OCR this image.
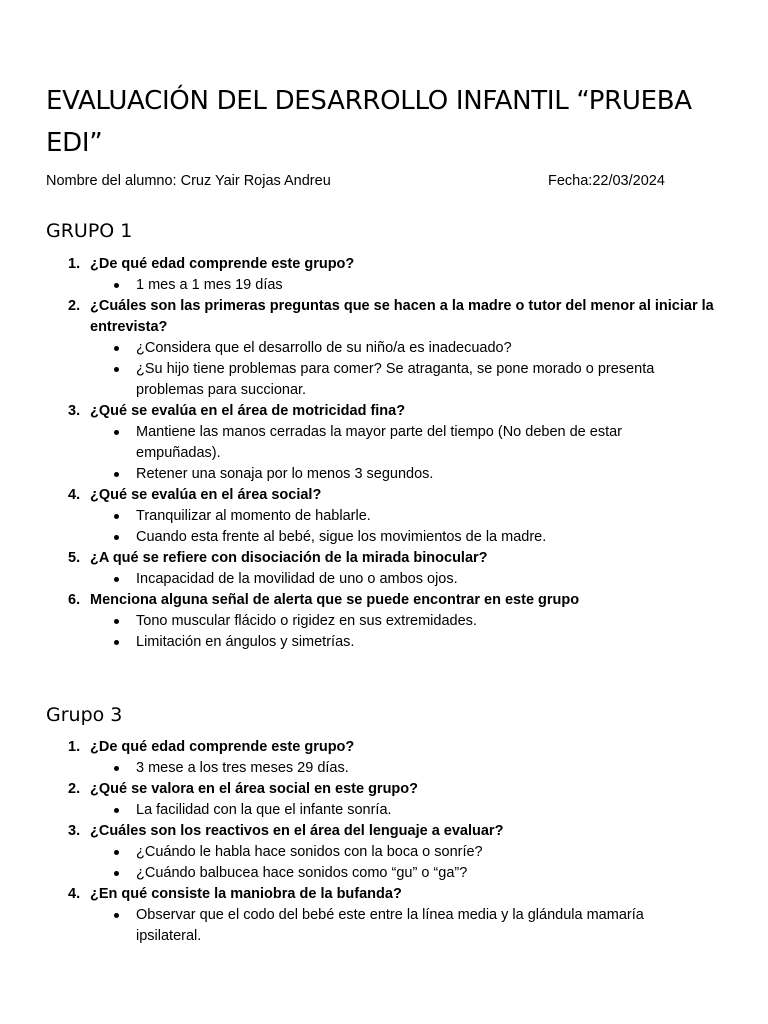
EVALUACIÓN DEL DESARROLLO INFANTIL “PRUEBA EDI”
Nombre del alumno: Cruz Yair Rojas Andreu	Fecha:22/03/2024
GRUPO 1
1. ¿De qué edad comprende este grupo?
1 mes a 1 mes 19 días
2. ¿Cuáles son las primeras preguntas que se hacen a la madre o tutor del menor al iniciar la entrevista?
¿Considera que el desarrollo de su niño/a es inadecuado?
¿Su hijo tiene problemas para comer? Se atraganta, se pone morado o presenta problemas para succionar.
3. ¿Qué se evalúa en el área de motricidad fina?
Mantiene las manos cerradas la mayor parte del tiempo (No deben de estar empuñadas).
Retener una sonaja por lo menos 3 segundos.
4. ¿Qué se evalúa en el área social?
Tranquilizar al momento de hablarle.
Cuando esta frente al bebé, sigue los movimientos de la madre.
5. ¿A qué se refiere con disociación de la mirada binocular?
Incapacidad de la movilidad de uno o ambos ojos.
6. Menciona alguna señal de alerta que se puede encontrar en este grupo
Tono muscular flácido o rigidez en sus extremidades.
Limitación en ángulos y simetrías.
Grupo 3
1. ¿De qué edad comprende este grupo?
3 mese a los tres meses 29 días.
2. ¿Qué se valora en el área social en este grupo?
La facilidad con la que el infante sonría.
3. ¿Cuáles son los reactivos en el área del lenguaje a evaluar?
¿Cuándo le habla hace sonidos con la boca o sonríe?
¿Cuándo balbucea hace sonidos como “gu” o “ga”?
4. ¿En qué consiste la maniobra de la bufanda?
Observar que el codo del bebé este entre la línea media y la glándula mamaría ipsilateral.
